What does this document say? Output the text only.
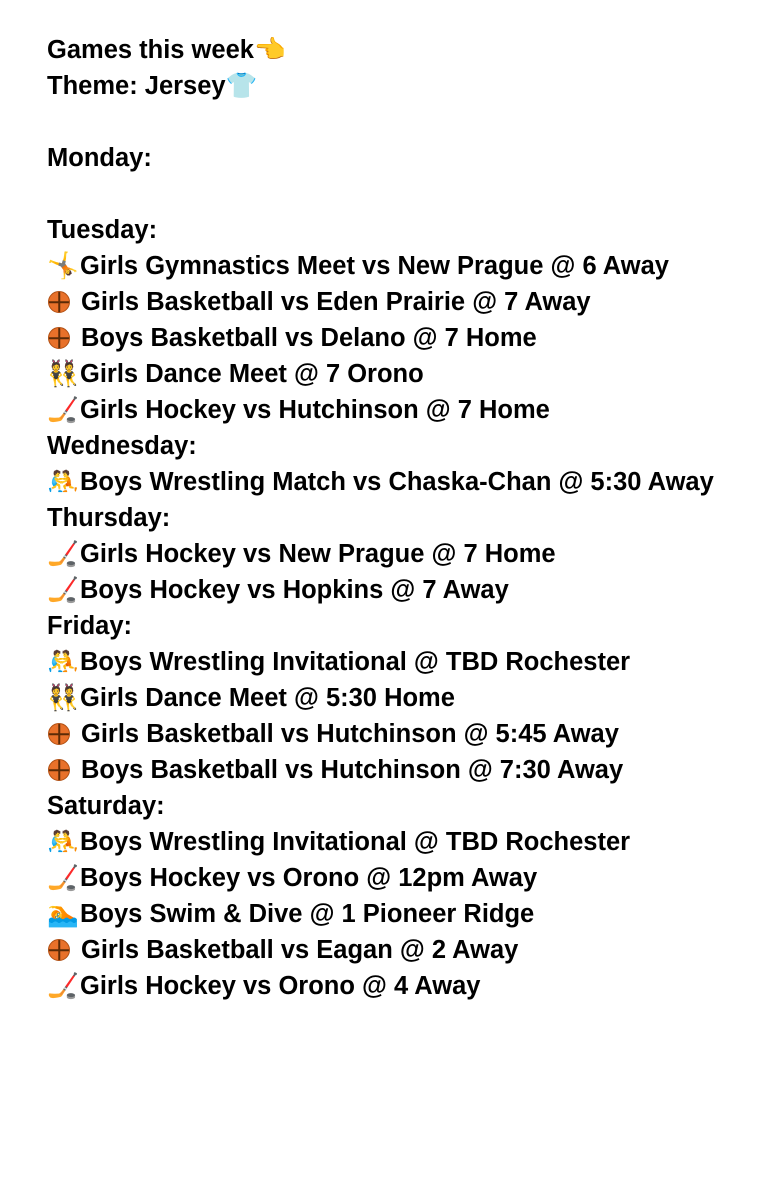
Games this week👈
Theme: Jersey👕
Monday:
Tuesday:
🤸Girls Gymnastics Meet vs New Prague @ 6 Away
Girls Basketball vs Eden Prairie @ 7 Away
Boys Basketball vs Delano @ 7 Home
👯Girls Dance Meet @ 7 Orono
🏒Girls Hockey vs Hutchinson @ 7 Home
Wednesday:
🤼Boys Wrestling Match vs Chaska-Chan @ 5:30 Away
Thursday:
🏒Girls Hockey vs New Prague @ 7 Home
🏒Boys Hockey vs Hopkins @ 7 Away
Friday:
🤼Boys Wrestling Invitational @ TBD Rochester
👯Girls Dance Meet @ 5:30 Home
Girls Basketball vs Hutchinson @ 5:45 Away
Boys Basketball vs Hutchinson @ 7:30 Away
Saturday:
🤼Boys Wrestling Invitational @ TBD Rochester
🏒Boys Hockey vs Orono @ 12pm Away
🏊Boys Swim & Dive @ 1 Pioneer Ridge
Girls Basketball vs Eagan @ 2 Away
🏒Girls Hockey vs Orono @ 4 Away
